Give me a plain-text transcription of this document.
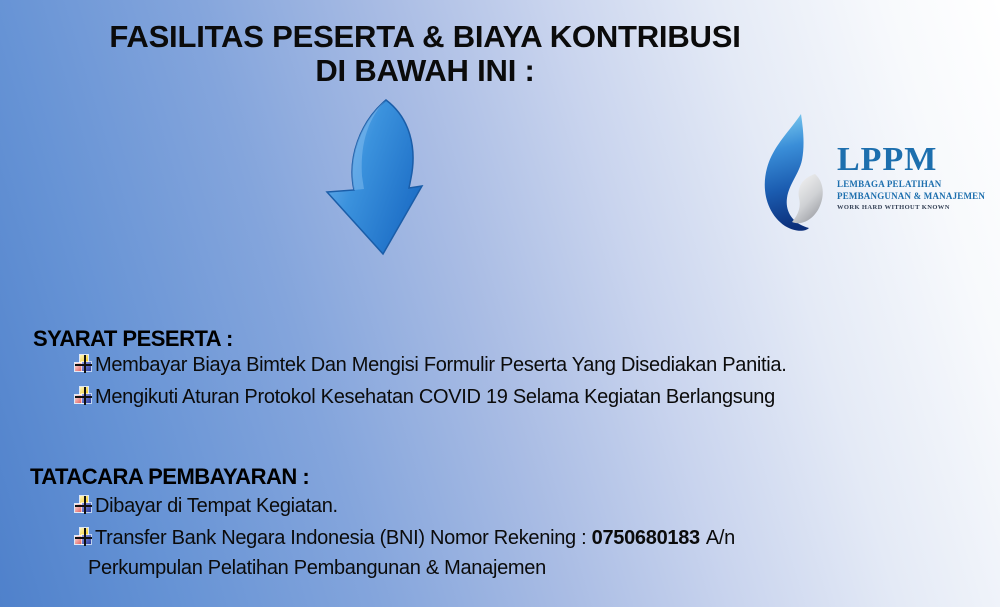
FASILITAS PESERTA & BIAYA KONTRIBUSI
DI BAWAH INI :
LPPM
LEMBAGA PELATIHAN
PEMBANGUNAN & MANAJEMEN
WORK HARD WITHOUT KNOWN
SYARAT PESERTA :
Membayar Biaya Bimtek Dan Mengisi Formulir Peserta Yang Disediakan Panitia.
Mengikuti Aturan Protokol Kesehatan COVID 19 Selama Kegiatan Berlangsung
TATACARA PEMBAYARAN :
Dibayar di Tempat Kegiatan.
Transfer Bank Negara Indonesia (BNI) Nomor Rekening : 0750680183 A/n
Perkumpulan Pelatihan Pembangunan & Manajemen
